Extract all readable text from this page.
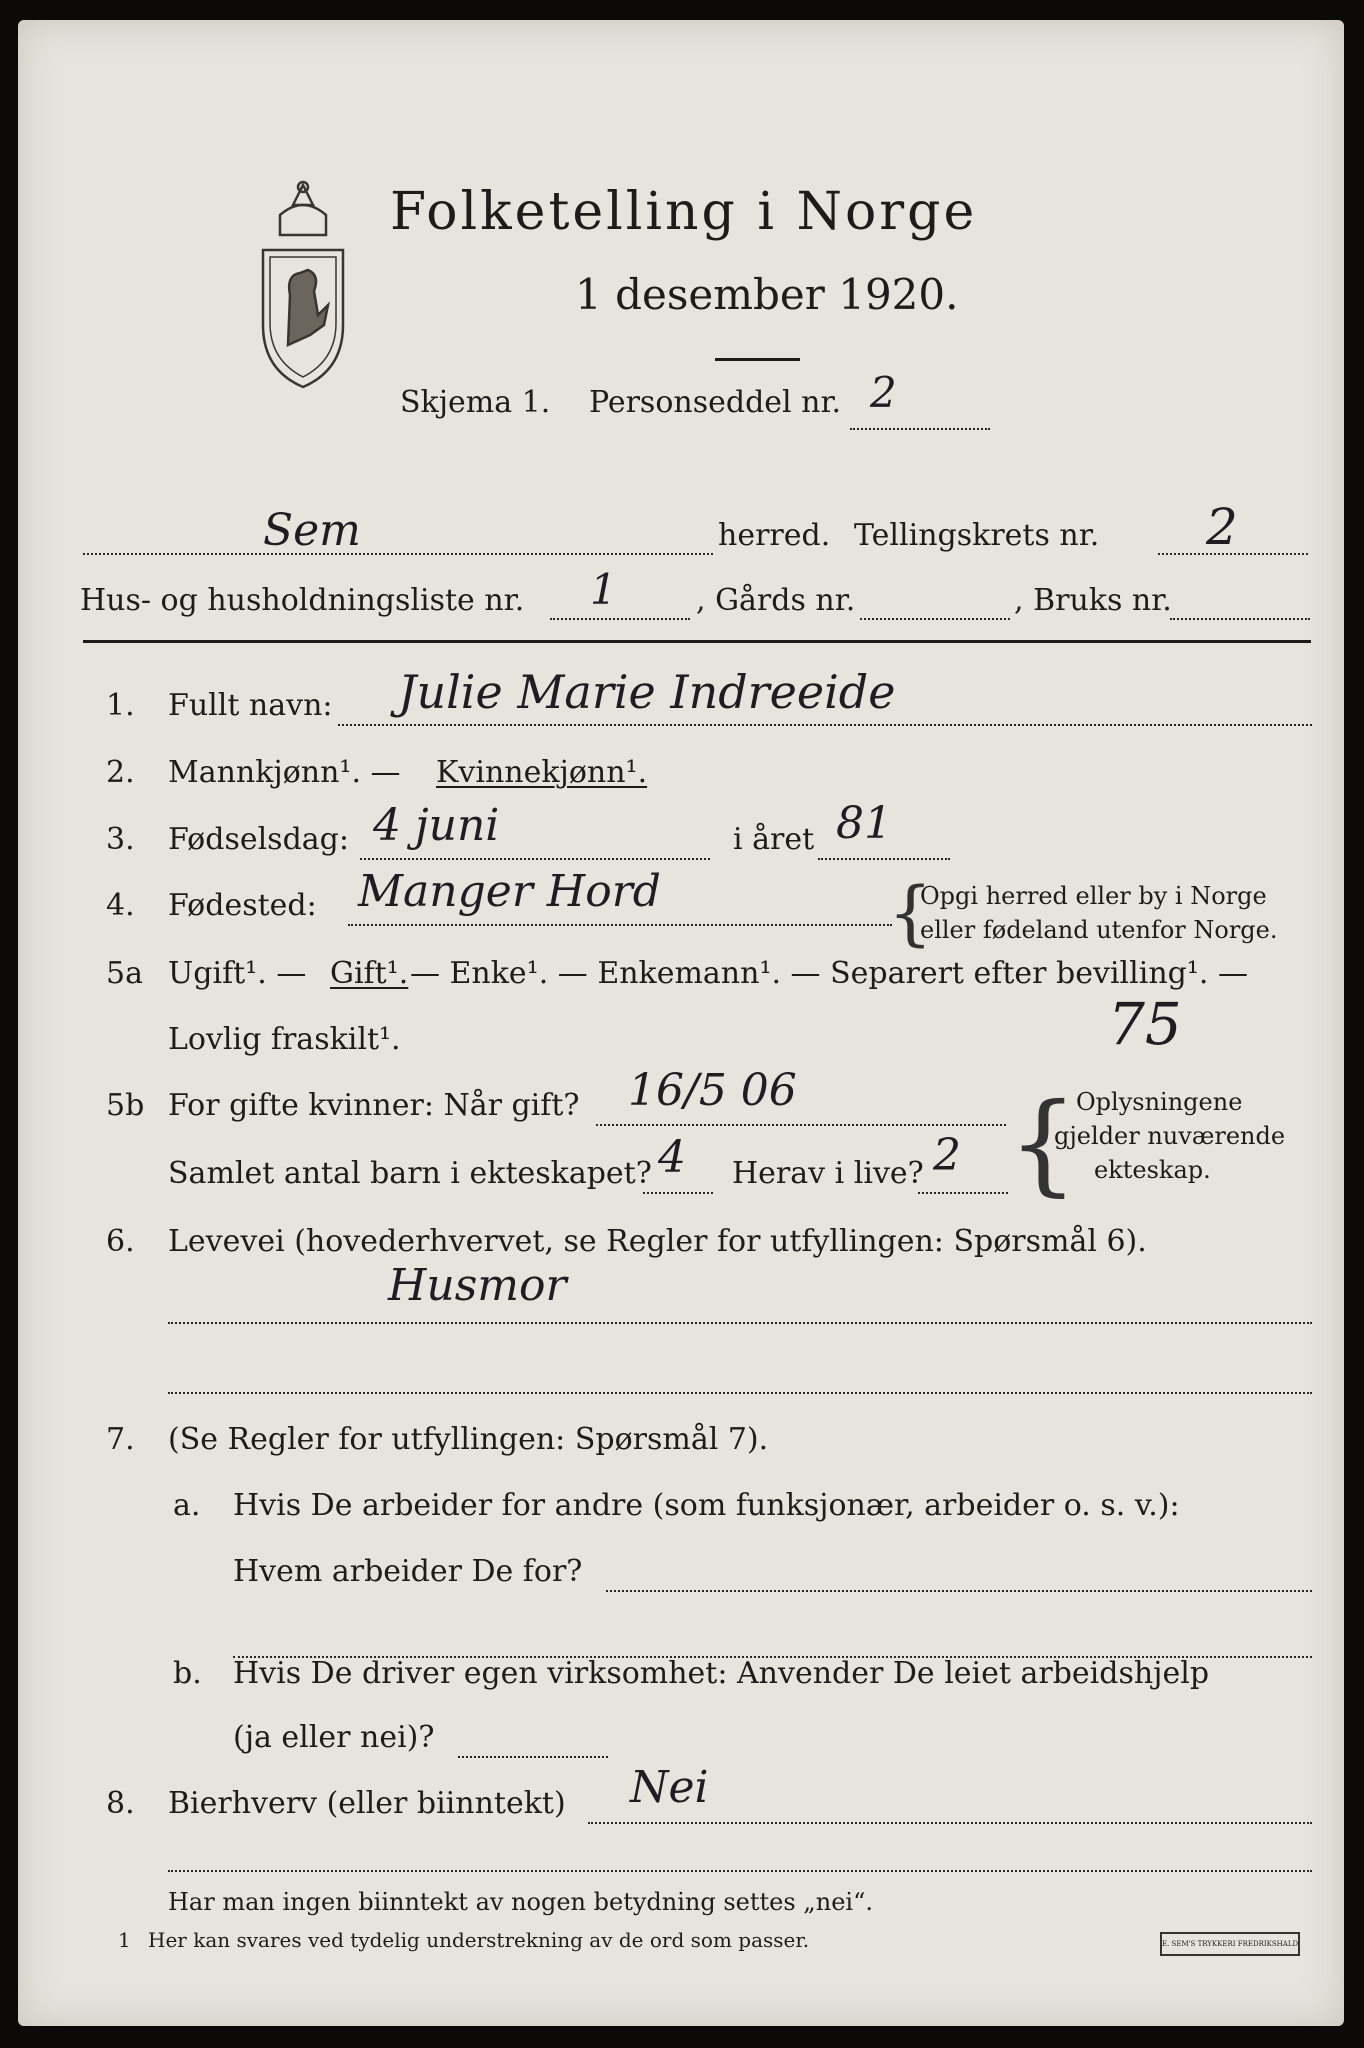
Folketelling i Norge
1 desember 1920.
Skjema 1. Personseddel nr. 2
Sem	herred. Tellingskrets nr. 2
Hus- og husholdningsliste nr. 1	, Gårds nr.	, Bruks nr.
1. Fullt navn: Julie Marie Indreeide
2. Mannkjønn¹. — Kvinnekjønn¹.
3. Fødselsdag: 4 juni	i året 81
4. Fødested: Manger Hord	{
Opgi herred eller by i Norge
eller fødeland utenfor Norge.
5a Ugift¹. — Gift¹. — Enke¹. — Enkemann¹. — Separert efter bevilling¹. —
Lovlig fraskilt¹.	75
5b For gifte kvinner: Når gift? 16/5 06
Samlet antal barn i ekteskapet? 4 Herav i live? 2 {
Oplysningene
gjelder nuværende
ekteskap.
6. Levevei (hovederhvervet, se Regler for utfyllingen: Spørsmål 6).
Husmor
7. (Se Regler for utfyllingen: Spørsmål 7).
a. Hvis De arbeider for andre (som funksjonær, arbeider o. s. v.):
Hvem arbeider De for?
b. Hvis De driver egen virksomhet: Anvender De leiet arbeidshjelp
(ja eller nei)?
8. Bierhverv (eller biinntekt) Nei
Har man ingen biinntekt av nogen betydning settes „nei“.
1 Her kan svares ved tydelig understrekning av de ord som passer.	E. SEM'S TRYKKERI FREDRIKSHALD
